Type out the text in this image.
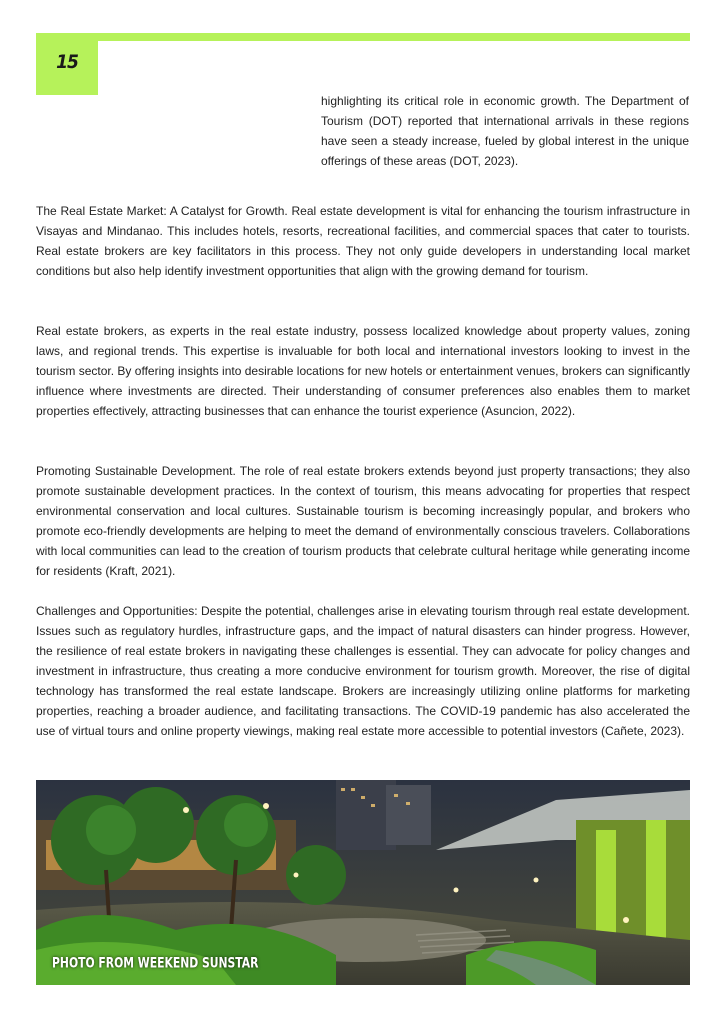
15

highlighting its critical role in economic growth. The Department of Tourism (DOT) reported that international arrivals in these regions have seen a steady increase, fueled by global interest in the unique offerings of these areas (DOT, 2023).

The Real Estate Market: A Catalyst for Growth. Real estate development is vital for enhancing the tourism infrastructure in Visayas and Mindanao. This includes hotels, resorts, recreational facilities, and commercial spaces that cater to tourists. Real estate brokers are key facilitators in this process. They not only guide developers in understanding local market conditions but also help identify investment opportunities that align with the growing demand for tourism.

Real estate brokers, as experts in the real estate industry, possess localized knowledge about property values, zoning laws, and regional trends. This expertise is invaluable for both local and international investors looking to invest in the tourism sector. By offering insights into desirable locations for new hotels or entertainment venues, brokers can significantly influence where investments are directed. Their understanding of consumer preferences also enables them to market properties effectively, attracting businesses that can enhance the tourist experience (Asuncion, 2022).

Promoting Sustainable Development. The role of real estate brokers extends beyond just property transactions; they also promote sustainable development practices. In the context of tourism, this means advocating for properties that respect environmental conservation and local cultures. Sustainable tourism is becoming increasingly popular, and brokers who promote eco-friendly developments are helping to meet the demand of environmentally conscious travelers. Collaborations with local communities can lead to the creation of tourism products that celebrate cultural heritage while generating income for residents (Kraft, 2021).

Challenges and Opportunities: Despite the potential, challenges arise in elevating tourism through real estate development. Issues such as regulatory hurdles, infrastructure gaps, and the impact of natural disasters can hinder progress. However, the resilience of real estate brokers in navigating these challenges is essential. They can advocate for policy changes and investment in infrastructure, thus creating a more conducive environment for tourism growth. Moreover, the rise of digital technology has transformed the real estate landscape. Brokers are increasingly utilizing online platforms for marketing properties, reaching a broader audience, and facilitating transactions. The COVID-19 pandemic has also accelerated the use of virtual tours and online property viewings, making real estate more accessible to potential investors (Cañete, 2023).

PHOTO FROM WEEKEND SUNSTAR
